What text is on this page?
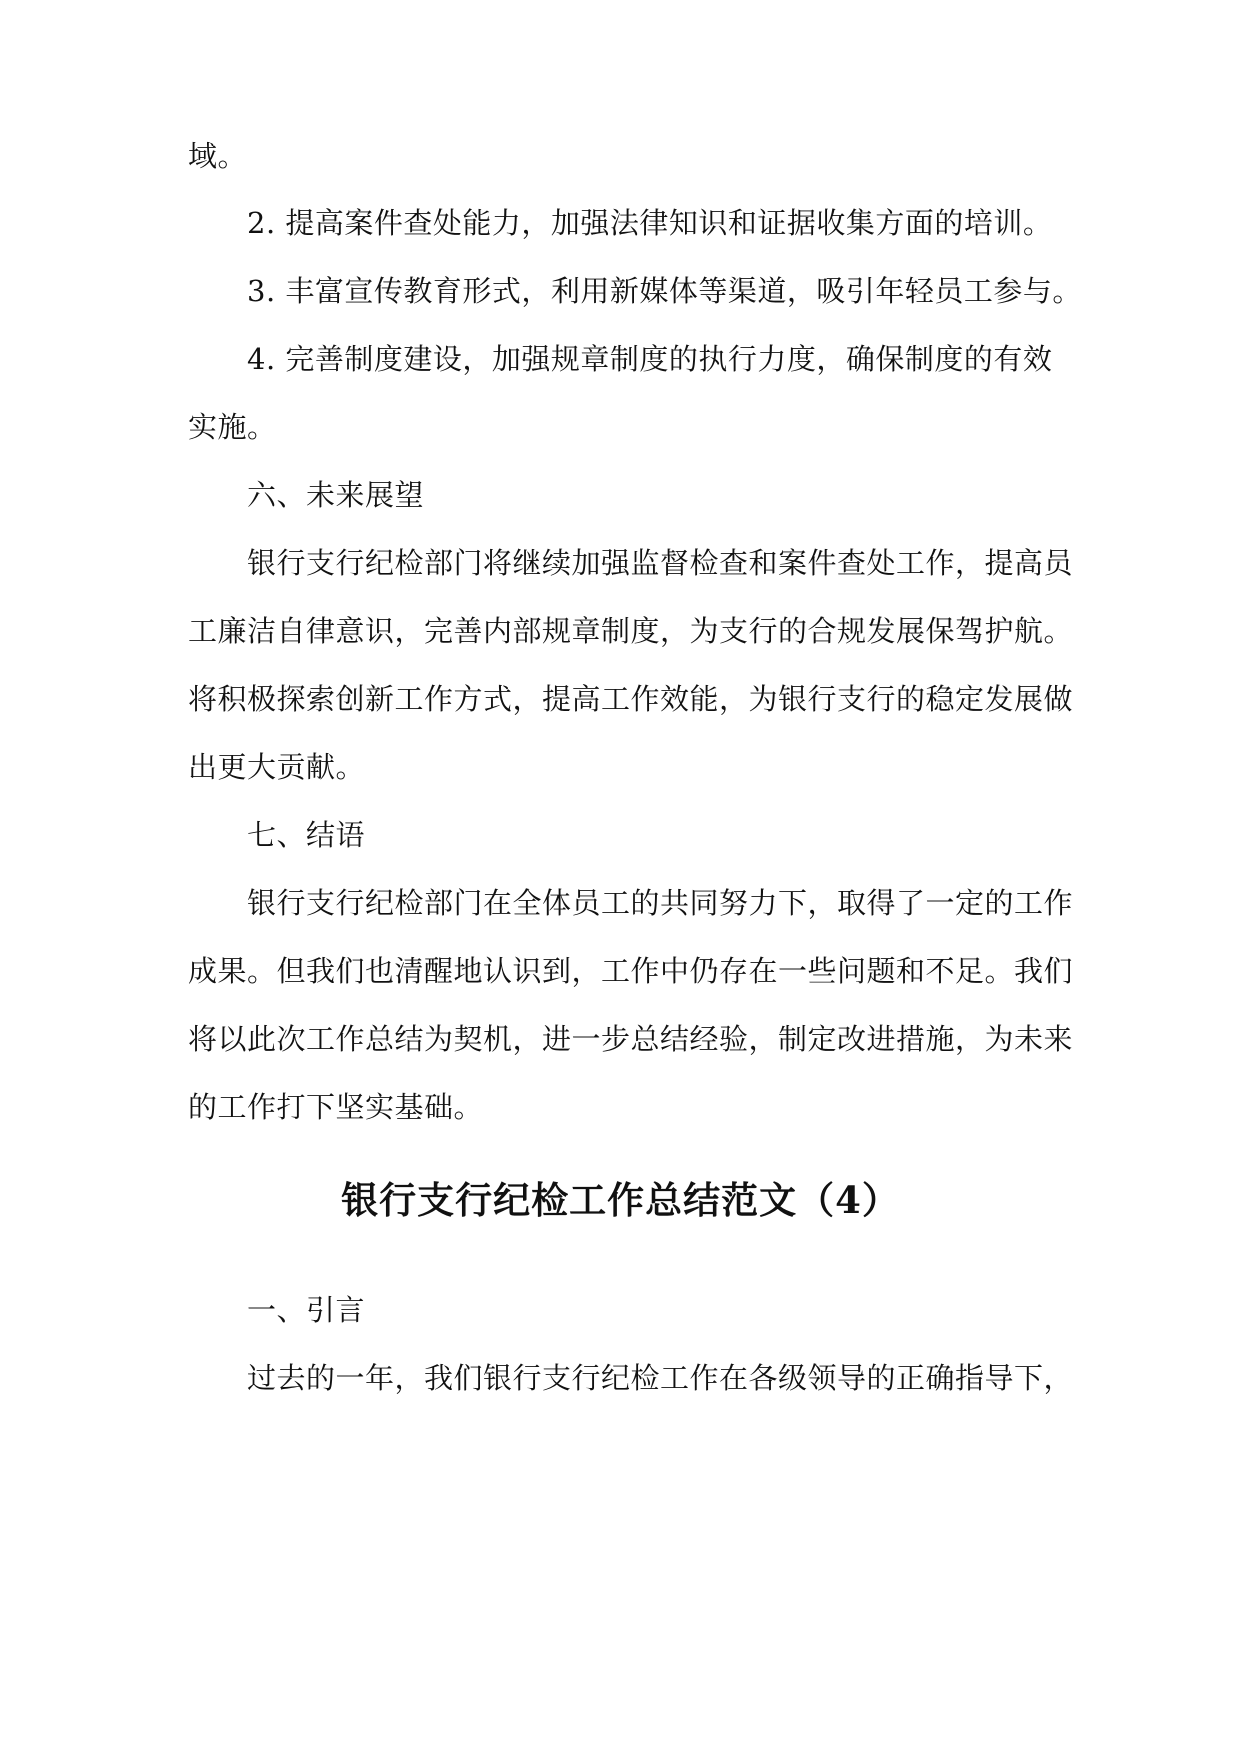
域。
2. 提高案件查处能力，加强法律知识和证据收集方面的培训。
3. 丰富宣传教育形式，利用新媒体等渠道，吸引年轻员工参与。
4. 完善制度建设，加强规章制度的执行力度，确保制度的有效
实施。
六、未来展望
银行支行纪检部门将继续加强监督检查和案件查处工作，提高员
工廉洁自律意识，完善内部规章制度，为支行的合规发展保驾护航。
将积极探索创新工作方式，提高工作效能，为银行支行的稳定发展做
出更大贡献。
七、结语
银行支行纪检部门在全体员工的共同努力下，取得了一定的工作
成果。但我们也清醒地认识到，工作中仍存在一些问题和不足。我们
将以此次工作总结为契机，进一步总结经验，制定改进措施，为未来
的工作打下坚实基础。
银行支行纪检工作总结范文（4）
一、引言
过去的一年，我们银行支行纪检工作在各级领导的正确指导下，
